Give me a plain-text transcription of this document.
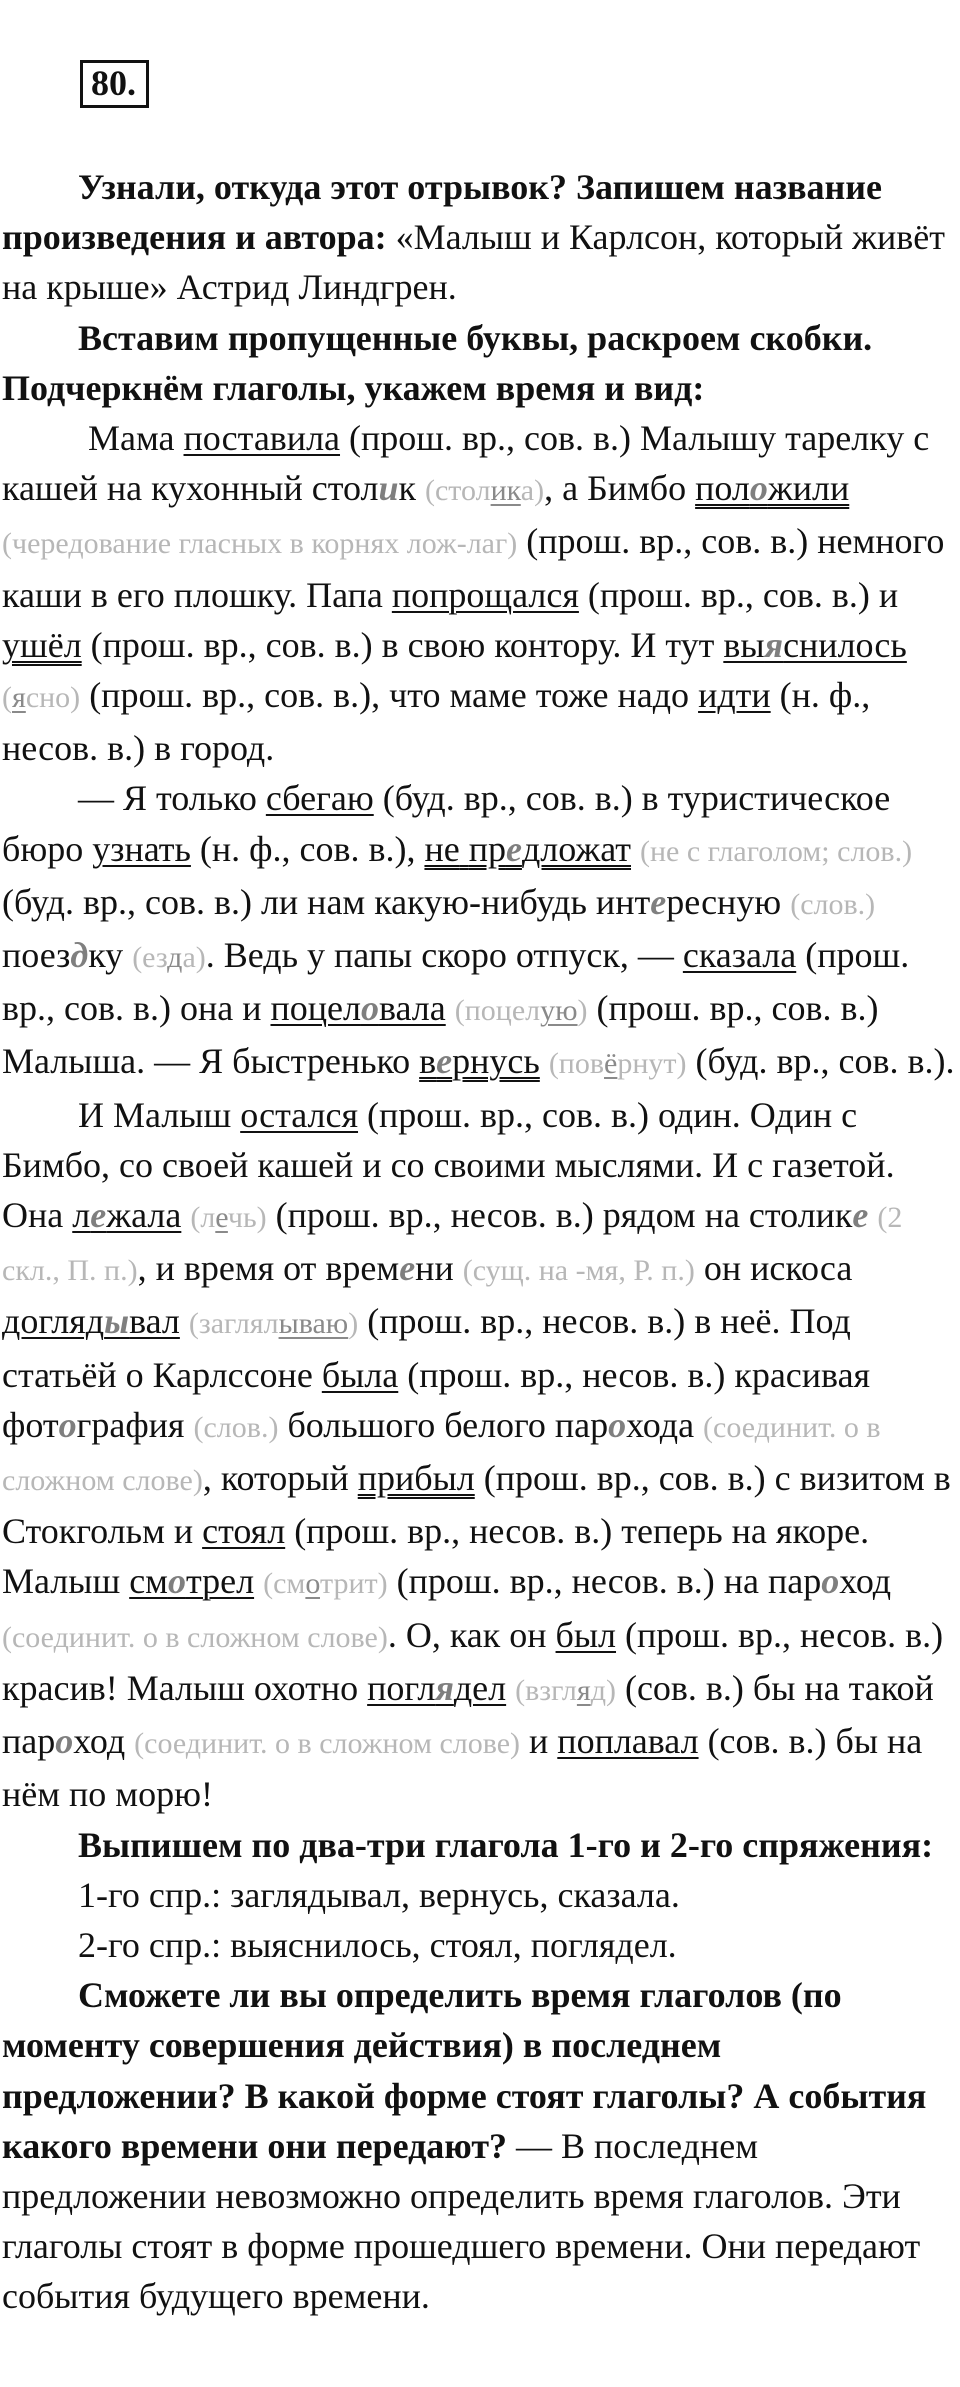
80.

Узнали, откуда этот отрывок? Запишем название произведения и автора: «Малыш и Карлсон, который живёт на крыше» Астрид Линдгрен.

Вставим пропущенные буквы, раскроем скобки. Подчеркнём глаголы, укажем время и вид:

Мама поставила (прош. вр., сов. в.) Малышу тарелку с кашей на кухонный столик (столика), а Бимбо положили (чередование гласных в корнях лож-лаг) (прош. вр., сов. в.) немного каши в его плошку. Папа попрощался (прош. вр., сов. в.) и ушёл (прош. вр., сов. в.) в свою контору. И тут выяснилось (ясно) (прош. вр., сов. в.), что маме тоже надо идти (н. ф., несов. в.) в город.

— Я только сбегаю (буд. вр., сов. в.) в туристическое бюро узнать (н. ф., сов. в.), не предложат (не с глаголом; слов.) (буд. вр., сов. в.) ли нам какую-нибудь интересную (слов.) поездку (езда). Ведь у папы скоро отпуск, — сказала (прош. вр., сов. в.) она и поцеловала (поцелую) (прош. вр., сов. в.) Малыша. — Я быстренько вернусь (повёрнут) (буд. вр., сов. в.).

И Малыш остался (прош. вр., сов. в.) один. Один с Бимбо, со своей кашей и со своими мыслями. И с газетой. Она лежала (лечь) (прош. вр., несов. в.) рядом на столике (2 скл., П. п.), и время от времени (сущ. на -мя, Р. п.) он искоса доглядывал (заглялываю) (прош. вр., несов. в.) в неё. Под статьёй о Карлссоне была (прош. вр., несов. в.) красивая фотография (слов.) большого белого парохода (соединит. о в сложном слове), который прибыл (прош. вр., сов. в.) с визитом в Стокгольм и стоял (прош. вр., несов. в.) теперь на якоре. Малыш смотрел (смотрит) (прош. вр., несов. в.) на пароход (соединит. о в сложном слове). О, как он был (прош. вр., несов. в.) красив! Малыш охотно поглядел (взгляд) (сов. в.) бы на такой пароход (соединит. о в сложном слове) и поплавал (сов. в.) бы на нём по морю!

Выпишем по два-три глагола 1-го и 2-го спряжения:

1-го спр.: заглядывал, вернусь, сказала.

2-го спр.: выяснилось, стоял, поглядел.

Сможете ли вы определить время глаголов (по моменту совершения действия) в последнем предложении? В какой форме стоят глаголы? А события какого времени они передают? — В последнем предложении невозможно определить время глаголов. Эти глаголы стоят в форме прошедшего времени. Они передают события будущего времени.
